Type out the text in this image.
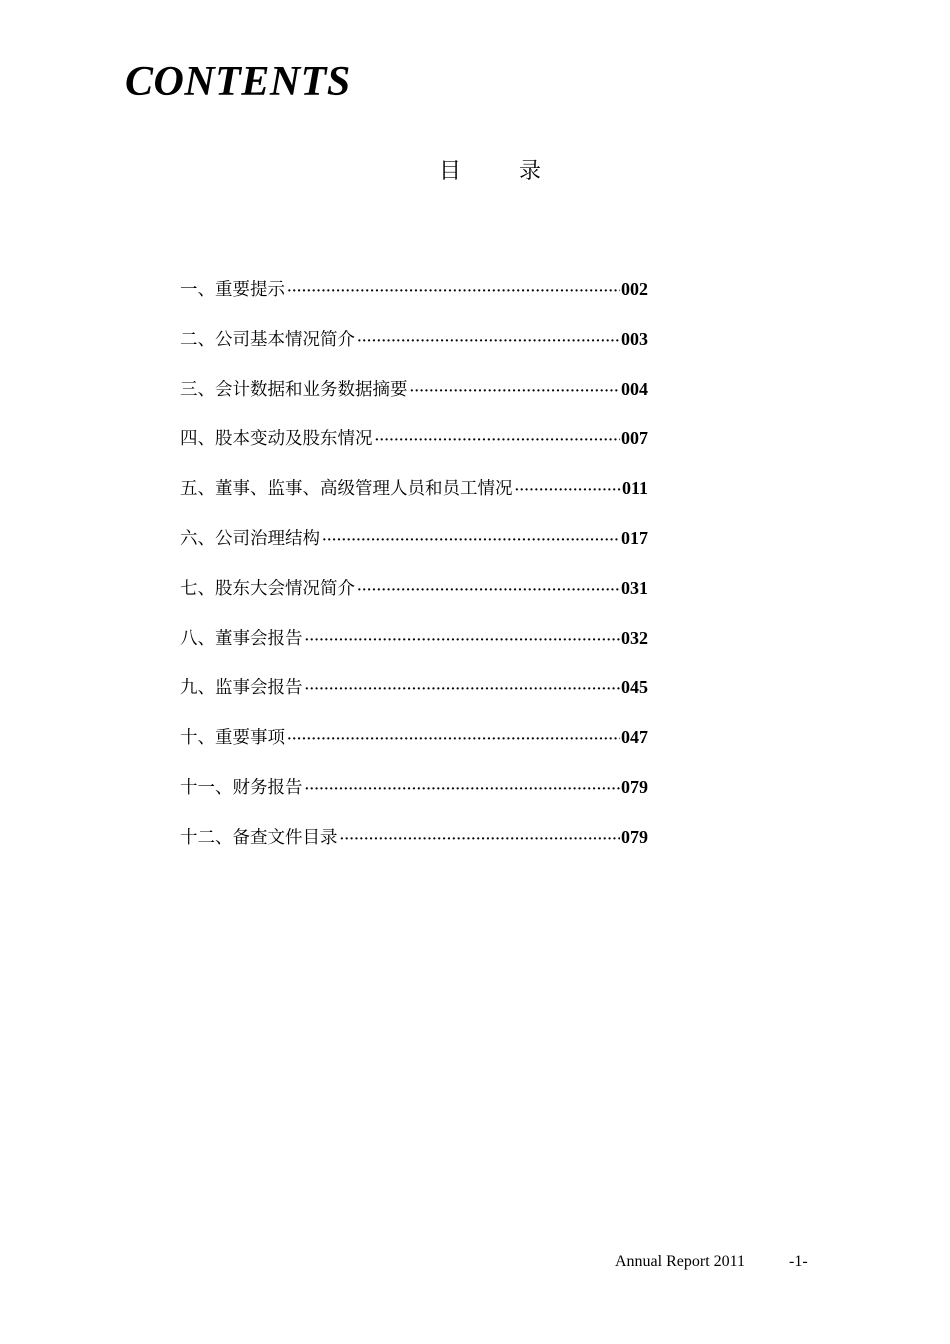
CONTENTS
目	录
一、重要提示 ·····	002
二、公司基本情况简介 ·····	003
三、会计数据和业务数据摘要 ·····	004
四、股本变动及股东情况 ·····	007
五、董事、监事、高级管理人员和员工情况 ·····	011
六、公司治理结构 ·····	017
七、股东大会情况简介 ·····	031
八、董事会报告 ·····	032
九、监事会报告 ·····	045
十、重要事项 ·····	047
十一、财务报告 ·····	079
十二、备查文件目录 ·····	079
Annual Report 2011	-1-
